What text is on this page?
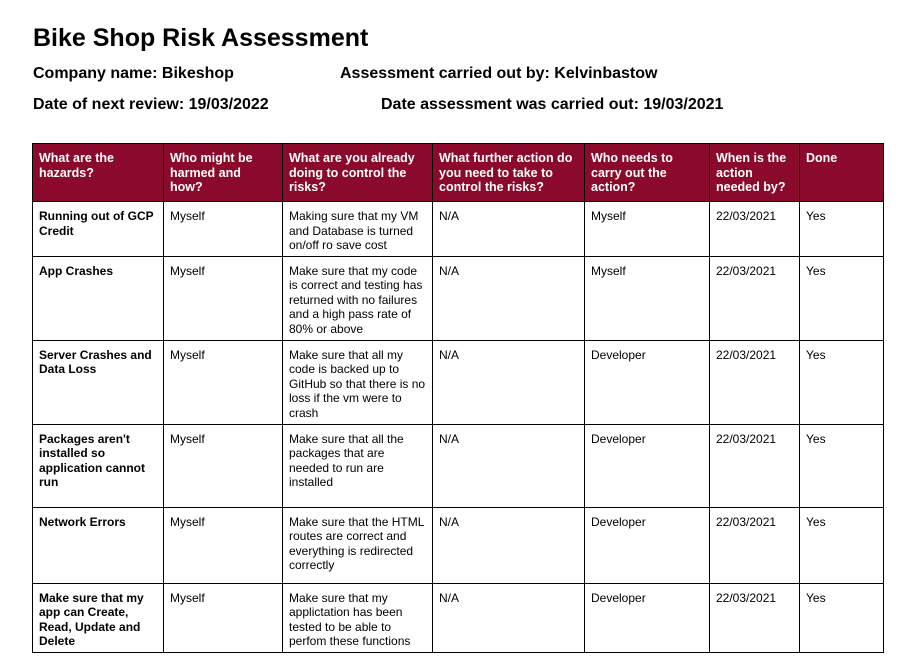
Bike Shop Risk Assessment
Company name: Bikeshop	Assessment carried out by: Kelvinbastow
Date of next review: 19/03/2022	Date assessment was carried out: 19/03/2021
What are the hazards?	Who might be harmed and how?	What are you already doing to control the risks?	What further action do you need to take to control the risks?	Who needs to carry out the action?	When is the action needed by?	Done
Running out of GCP Credit	Myself	Making sure that my VM and Database is turned on/off ro save cost	N/A	Myself	22/03/2021	Yes
App Crashes	Myself	Make sure that my code is correct and testing has returned with no failures and a high pass rate of 80% or above	N/A	Myself	22/03/2021	Yes
Server Crashes and Data Loss	Myself	Make sure that all my code is backed up to GitHub so that there is no loss if the vm were to crash	N/A	Developer	22/03/2021	Yes
Packages aren't installed so application cannot run	Myself	Make sure that all the packages that are needed to run are installed	N/A	Developer	22/03/2021	Yes
Network Errors	Myself	Make sure that the HTML routes are correct and everything is redirected correctly	N/A	Developer	22/03/2021	Yes
Make sure that my app can Create, Read, Update and Delete	Myself	Make sure that my applictation has been tested to be able to perfom these functions	N/A	Developer	22/03/2021	Yes
